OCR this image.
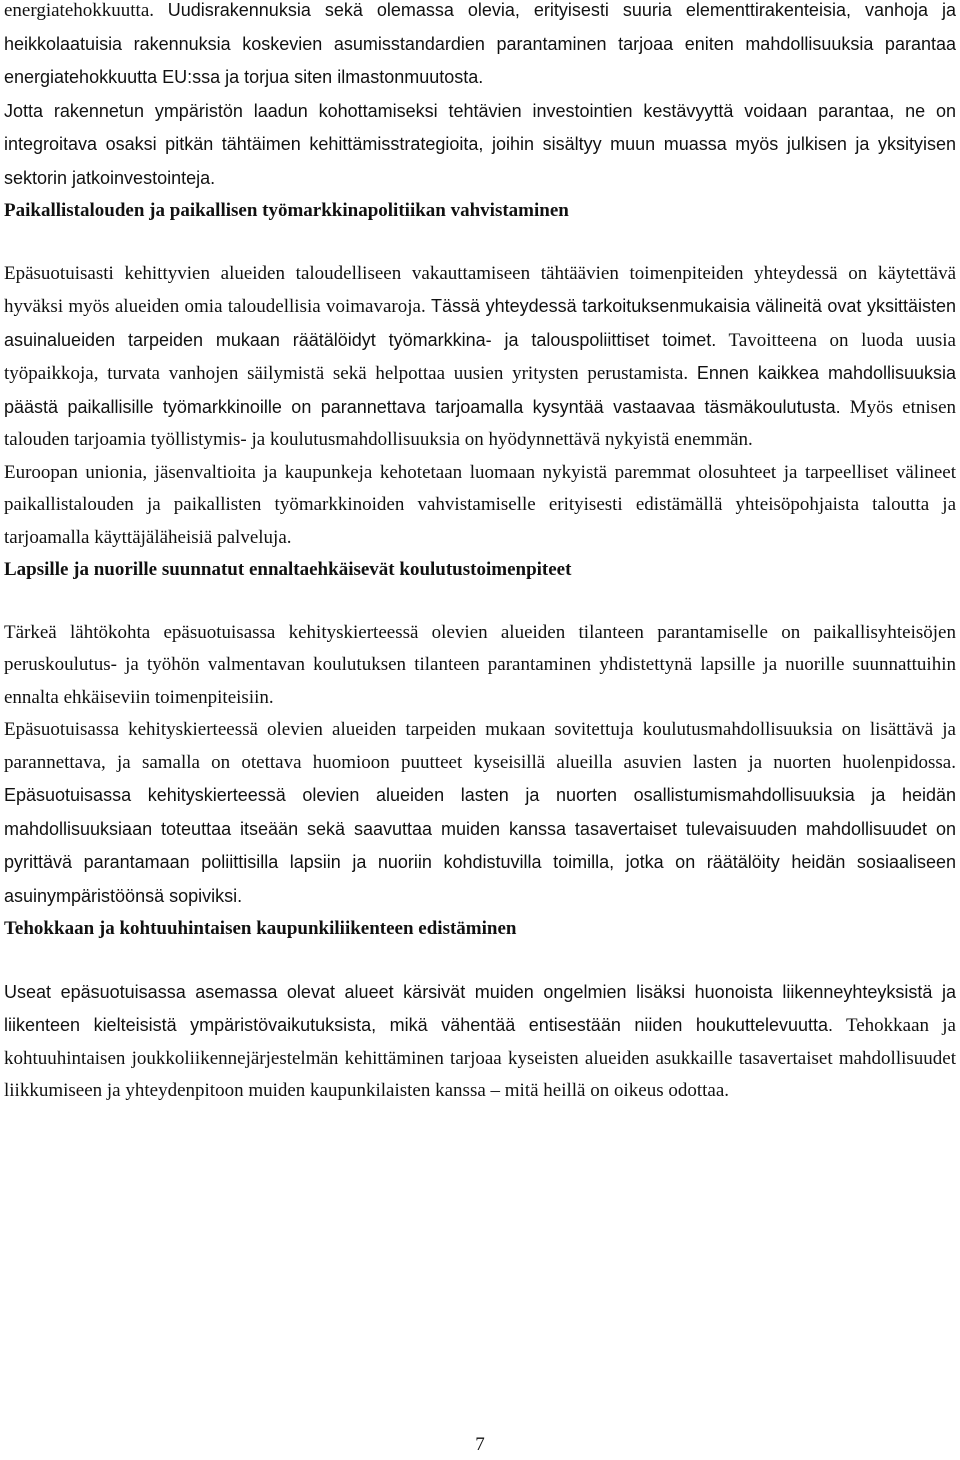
energiatehokkuutta. Uudisrakennuksia sekä olemassa olevia, erityisesti suuria elementtirakenteisia, vanhoja ja heikkolaatuisia rakennuksia koskevien asumisstandardien parantaminen tarjoaa eniten mahdollisuuksia parantaa energiatehokkuutta EU:ssa ja torjua siten ilmastonmuutosta.

Jotta rakennetun ympäristön laadun kohottamiseksi tehtävien investointien kestävyyttä voidaan parantaa, ne on integroitava osaksi pitkän tähtäimen kehittämisstrategioita, joihin sisältyy muun muassa myös julkisen ja yksityisen sektorin jatkoinvestointeja.

Paikallistalouden ja paikallisen työmarkkinapolitiikan vahvistaminen

Epäsuotuisasti kehittyvien alueiden taloudelliseen vakauttamiseen tähtäävien toimenpiteiden yhteydessä on käytettävä hyväksi myös alueiden omia taloudellisia voimavaroja. Tässä yhteydessä tarkoituksenmukaisia välineitä ovat yksittäisten asuinalueiden tarpeiden mukaan räätälöidyt työmarkkina- ja talouspoliittiset toimet. Tavoitteena on luoda uusia työpaikkoja, turvata vanhojen säilymistä sekä helpottaa uusien yritysten perustamista. Ennen kaikkea mahdollisuuksia päästä paikallisille työmarkkinoille on parannettava tarjoamalla kysyntää vastaavaa täsmäkoulutusta. Myös etnisen talouden tarjoamia työllistymis- ja koulutusmahdollisuuksia on hyödynnettävä nykyistä enemmän.

Euroopan unionia, jäsenvaltioita ja kaupunkeja kehotetaan luomaan nykyistä paremmat olosuhteet ja tarpeelliset välineet paikallistalouden ja paikallisten työmarkkinoiden vahvistamiselle erityisesti edistämällä yhteisöpohjaista taloutta ja tarjoamalla käyttäjäläheisiä palveluja.

Lapsille ja nuorille suunnatut ennaltaehkäisevät koulutustoimenpiteet

Tärkeä lähtökohta epäsuotuisassa kehityskierteessä olevien alueiden tilanteen parantamiselle on paikallisyhteisöjen peruskoulutus- ja työhön valmentavan koulutuksen tilanteen parantaminen yhdistettynä lapsille ja nuorille suunnattuihin ennalta ehkäiseviin toimenpiteisiin.

Epäsuotuisassa kehityskierteessä olevien alueiden tarpeiden mukaan sovitettuja koulutusmahdollisuuksia on lisättävä ja parannettava, ja samalla on otettava huomioon puutteet kyseisillä alueilla asuvien lasten ja nuorten huolenpidossa. Epäsuotuisassa kehityskierteessä olevien alueiden lasten ja nuorten osallistumismahdollisuuksia ja heidän mahdollisuuksiaan toteuttaa itseään sekä saavuttaa muiden kanssa tasavertaiset tulevaisuuden mahdollisuudet on pyrittävä parantamaan poliittisilla lapsiin ja nuoriin kohdistuvilla toimilla, jotka on räätälöity heidän sosiaaliseen asuinympäristöönsä sopiviksi.

Tehokkaan ja kohtuuhintaisen kaupunkiliikenteen edistäminen

Useat epäsuotuisassa asemassa olevat alueet kärsivät muiden ongelmien lisäksi huonoista liikenneyhteyksistä ja liikenteen kielteisistä ympäristövaikutuksista, mikä vähentää entisestään niiden houkuttelevuutta. Tehokkaan ja kohtuuhintaisen joukkoliikennejärjestelmän kehittäminen tarjoaa kyseisten alueiden asukkaille tasavertaiset mahdollisuudet liikkumiseen ja yhteydenpitoon muiden kaupunkilaisten kanssa – mitä heillä on oikeus odottaa.

7
